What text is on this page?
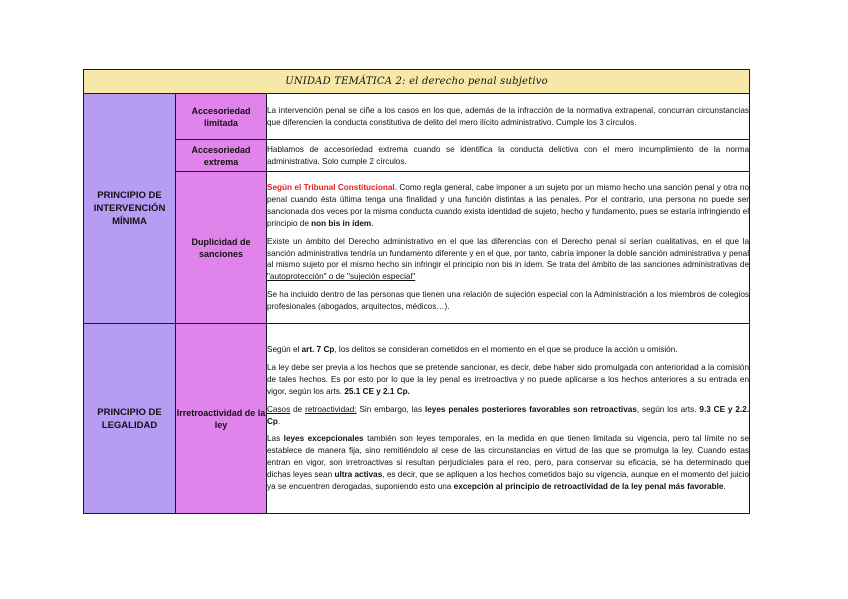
UNIDAD TEMÁTICA 2: el derecho penal subjetivo		
PRINCIPIO DE INTERVENCIÓN MÍNIMA	Accesoriedad limitada	La intervención penal se ciñe a los casos en los que, además de la infracción de la normativa extrapenal, concurran circunstancias que diferencien la conducta constitutiva de delito del mero ilícito administrativo. Cumple los 3 círculos.

	Accesoriedad extrema	Hablamos de accesoriedad extrema cuando se identifica la conducta delictiva con el mero incumplimiento de la norma administrativa. Solo cumple 2 círculos.

	Duplicidad de sanciones	Según el Tribunal Constitucional. Como regla general, cabe imponer a un sujeto por un mismo hecho una sanción penal y otra no penal cuando ésta última tenga una finalidad y una función distintas a las penales. Por el contrario, una persona no puede ser sancionada dos veces por la misma conducta cuando exista identidad de sujeto, hecho y fundamento, pues se estaría infringiendo el principio de non bis in ídem.

Existe un ámbito del Derecho administrativo en el que las diferencias con el Derecho penal sí serían cualitativas, en el que la sanción administrativa tendría un fundamento diferente y en el que, por tanto, cabría imponer la doble sanción administrativa y penal al mismo sujeto por el mismo hecho sin infringir el principio non bis in ídem. Se trata del ámbito de las sanciones administrativas de "autoprotección" o de "sujeción especial"

Se ha incluido dentro de las personas que tienen una relación de sujeción especial con la Administración a los miembros de colegios profesionales (abogados, arquitectos, médicos…).

PRINCIPIO DE LEGALIDAD	Irretroactividad de la ley	Según el art. 7 Cp, los delitos se consideran cometidos en el momento en el que se produce la acción u omisión.

La ley debe ser previa a los hechos que se pretende sancionar, es decir, debe haber sido promulgada con anterioridad a la comisión de tales hechos. Es por esto por lo que la ley penal es irretroactiva y no puede aplicarse a los hechos anteriores a su entrada en vigor, según los arts. 25.1 CE y 2.1 Cp.

Casos de retroactividad: Sin embargo, las leyes penales posteriores favorables son retroactivas, según los arts. 9.3 CE y 2.2. Cp.

Las leyes excepcionales también son leyes temporales, en la medida en que tienen limitada su vigencia, pero tal límite no se establece de manera fija, sino remitiéndolo al cese de las circunstancias en virtud de las que se promulga la ley. Cuando estas entran en vigor, son irretroactivas si resultan perjudiciales para el reo, pero, para conservar su eficacia, se ha determinado que dichas leyes sean ultra activas, es decir, que se apliquen a los hechos cometidos bajo su vigencia, aunque en el momento del juicio ya se encuentren derogadas, suponiendo esto una excepción al principio de retroactividad de la ley penal más favorable.
